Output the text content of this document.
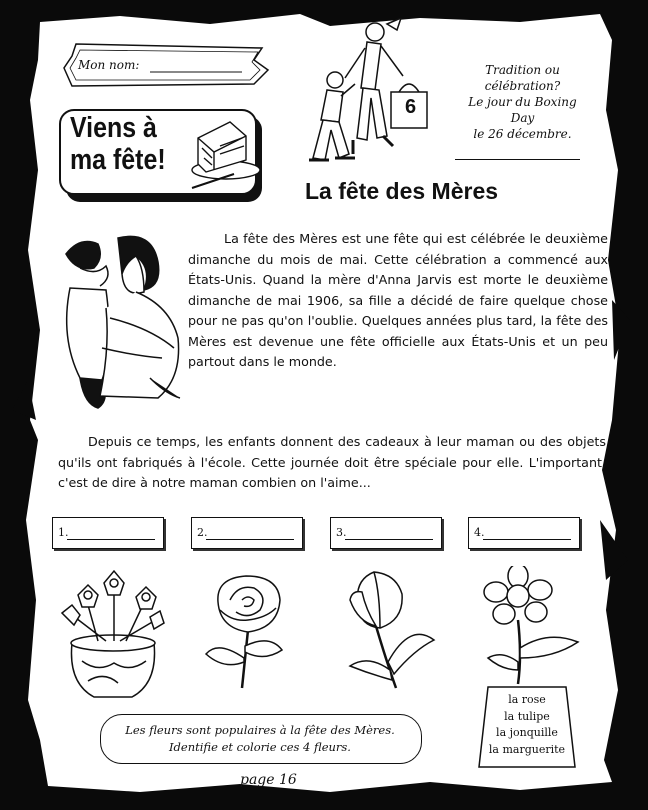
Mon nom:
Viens à ma fête!
6
Tradition ou
célébration?
Le jour du Boxing Day
le 26 décembre.
La fête des Mères
La fête des Mères est une fête qui est célébrée le deuxième dimanche du mois de mai. Cette célébration a commencé aux États-Unis. Quand la mère d'Anna Jarvis est morte le deuxième dimanche de mai 1906, sa fille a décidé de faire quelque chose pour ne pas qu'on l'oublie. Quelques années plus tard, la fête des Mères est devenue une fête officielle aux États-Unis et un peu partout dans le monde.
Depuis ce temps, les enfants donnent des cadeaux à leur maman ou des objets qu'ils ont fabriqués à l'école. Cette journée doit être spéciale pour elle. L'important, c'est de dire à notre maman combien on l'aime...
1.	2.	3.	4.
Les fleurs sont populaires à la fête des Mères.
Identifie et colorie ces 4 fleurs.
la rose
la tulipe
la jonquille
la marguerite
page 16
